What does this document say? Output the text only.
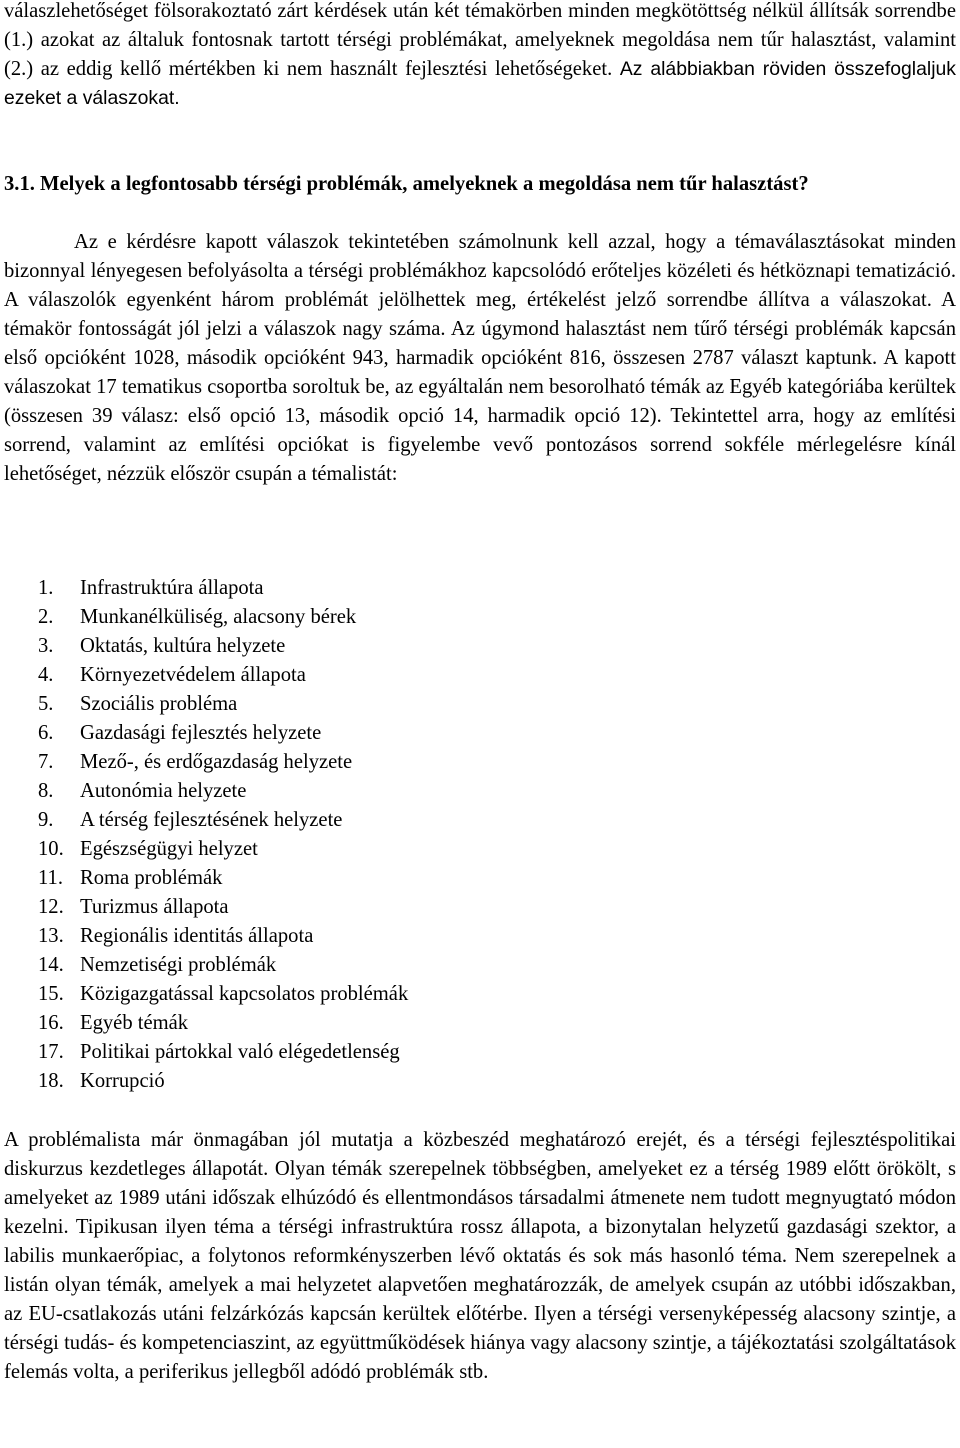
válaszlehetőséget fölsorakoztató zárt kérdések után két témakörben minden megkötöttség nélkül állítsák sorrendbe (1.) azokat az általuk fontosnak tartott térségi problémákat, amelyeknek megoldása nem tűr halasztást, valamint (2.) az eddig kellő mértékben ki nem használt fejlesztési lehetőségeket. Az alábbiakban röviden összefoglaljuk ezeket a válaszokat.

3.1. Melyek a legfontosabb térségi problémák, amelyeknek a megoldása nem tűr halasztást?

Az e kérdésre kapott válaszok tekintetében számolnunk kell azzal, hogy a témaválasztásokat minden bizonnyal lényegesen befolyásolta a térségi problémákhoz kapcsolódó erőteljes közéleti és hétköznapi tematizáció. A válaszolók egyenként három problémát jelölhettek meg, értékelést jelző sorrendbe állítva a válaszokat. A témakör fontosságát jól jelzi a válaszok nagy száma. Az úgymond halasztást nem tűrő térségi problémák kapcsán első opcióként 1028, második opcióként 943, harmadik opcióként 816, összesen 2787 választ kaptunk. A kapott válaszokat 17 tematikus csoportba soroltuk be, az egyáltalán nem besorolható témák az Egyéb kategóriába kerültek (összesen 39 válasz: első opció 13, második opció 14, harmadik opció 12). Tekintettel arra, hogy az említési sorrend, valamint az említési opciókat is figyelembe vevő pontozásos sorrend sokféle mérlegelésre kínál lehetőséget, nézzük először csupán a témalistát:

1. Infrastruktúra állapota
2. Munkanélküliség, alacsony bérek
3. Oktatás, kultúra helyzete
4. Környezetvédelem állapota
5. Szociális probléma
6. Gazdasági fejlesztés helyzete
7. Mező-, és erdőgazdaság helyzete
8. Autonómia helyzete
9. A térség fejlesztésének helyzete
10. Egészségügyi helyzet
11. Roma problémák
12. Turizmus állapota
13. Regionális identitás állapota
14. Nemzetiségi problémák
15. Közigazgatással kapcsolatos problémák
16. Egyéb témák
17. Politikai pártokkal való elégedetlenség
18. Korrupció

A problémalista már önmagában jól mutatja a közbeszéd meghatározó erejét, és a térségi fejlesztéspolitikai diskurzus kezdetleges állapotát. Olyan témák szerepelnek többségben, amelyeket ez a térség 1989 előtt örökölt, s amelyeket az 1989 utáni időszak elhúzódó és ellentmondásos társadalmi átmenete nem tudott megnyugtató módon kezelni. Tipikusan ilyen téma a térségi infrastruktúra rossz állapota, a bizonytalan helyzetű gazdasági szektor, a labilis munkaerőpiac, a folytonos reformkényszerben lévő oktatás és sok más hasonló téma. Nem szerepelnek a listán olyan témák, amelyek a mai helyzetet alapvetően meghatározzák, de amelyek csupán az utóbbi időszakban, az EU-csatlakozás utáni felzárkózás kapcsán kerültek előtérbe. Ilyen a térségi versenyképesség alacsony szintje, a térségi tudás- és kompetenciaszint, az együttműködések hiánya vagy alacsony szintje, a tájékoztatási szolgáltatások felemás volta, a periferikus jellegből adódó problémák stb.
